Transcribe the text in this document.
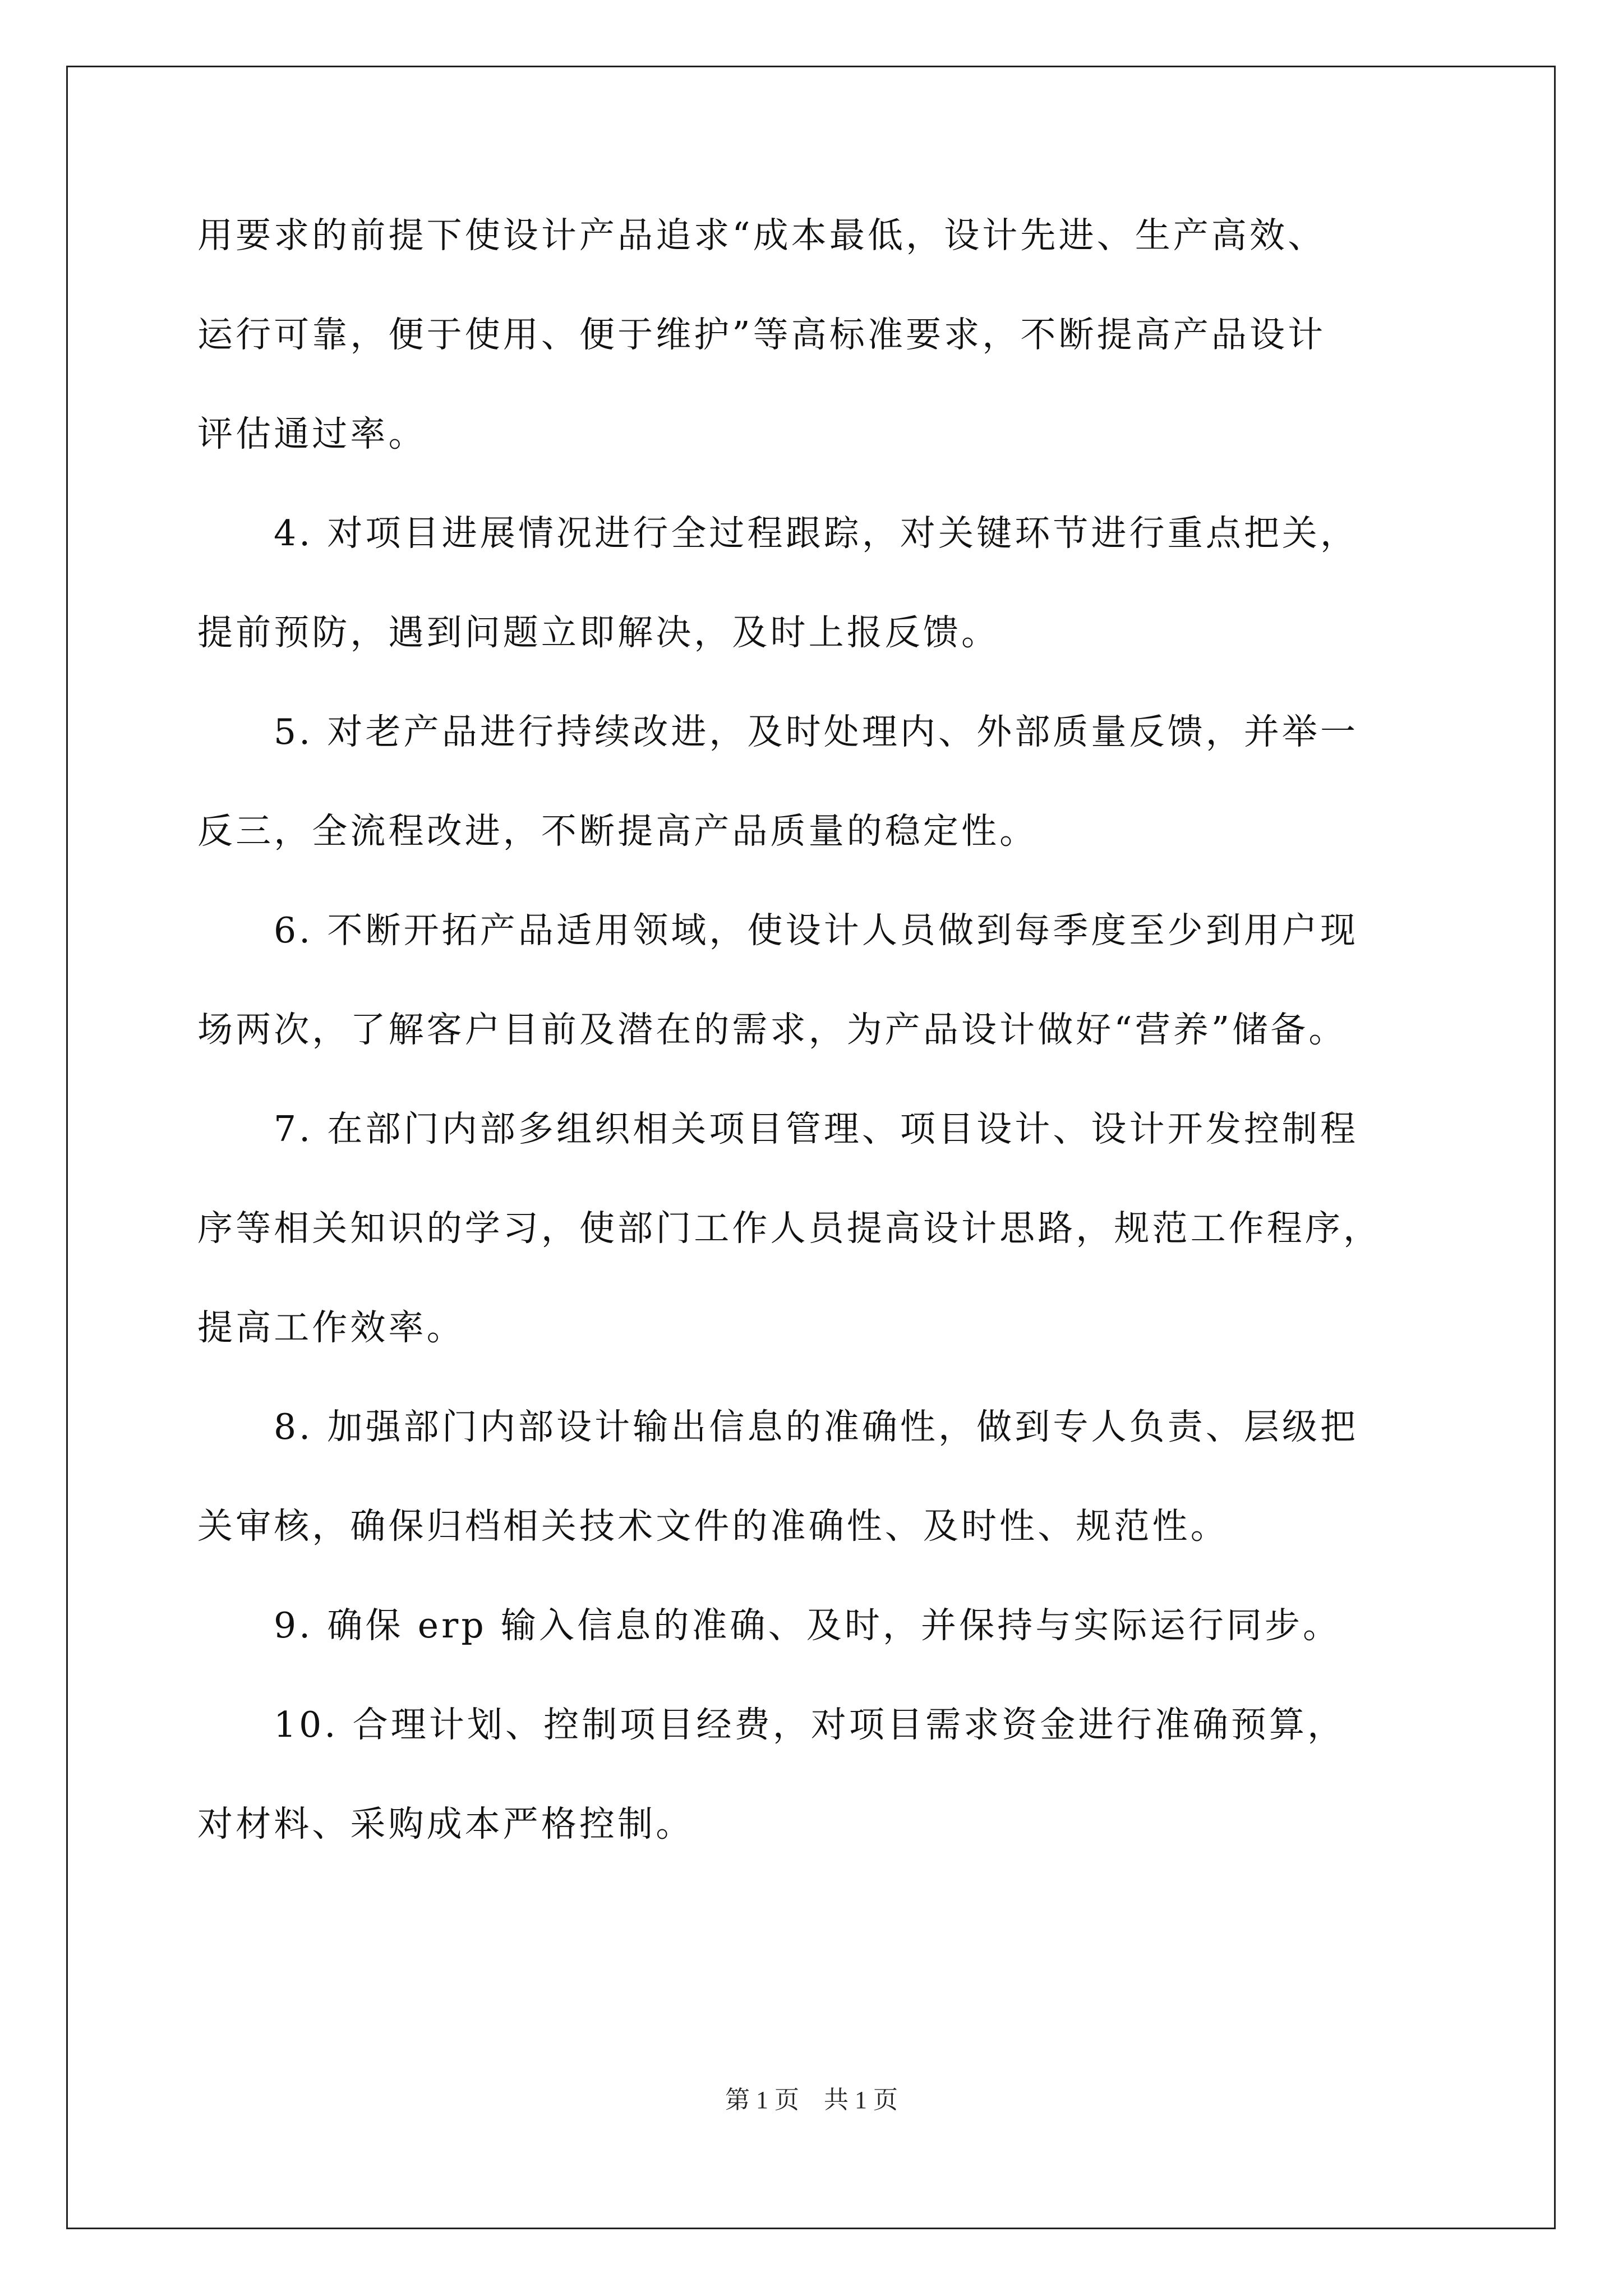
用要求的前提下使设计产品追求“成本最低，设计先进、生产高效、
运行可靠，便于使用、便于维护”等高标准要求，不断提高产品设计
评估通过率。
4. 对项目进展情况进行全过程跟踪，对关键环节进行重点把关，
提前预防，遇到问题立即解决，及时上报反馈。
5. 对老产品进行持续改进，及时处理内、外部质量反馈，并举一
反三，全流程改进，不断提高产品质量的稳定性。
6. 不断开拓产品适用领域，使设计人员做到每季度至少到用户现
场两次，了解客户目前及潜在的需求，为产品设计做好“营养”储备。
7. 在部门内部多组织相关项目管理、项目设计、设计开发控制程
序等相关知识的学习，使部门工作人员提高设计思路，规范工作程序，
提高工作效率。
8. 加强部门内部设计输出信息的准确性，做到专人负责、层级把
关审核，确保归档相关技术文件的准确性、及时性、规范性。
9. 确保 erp 输入信息的准确、及时，并保持与实际运行同步。
10. 合理计划、控制项目经费，对项目需求资金进行准确预算，
对材料、采购成本严格控制。
第 1 页　共 1 页
